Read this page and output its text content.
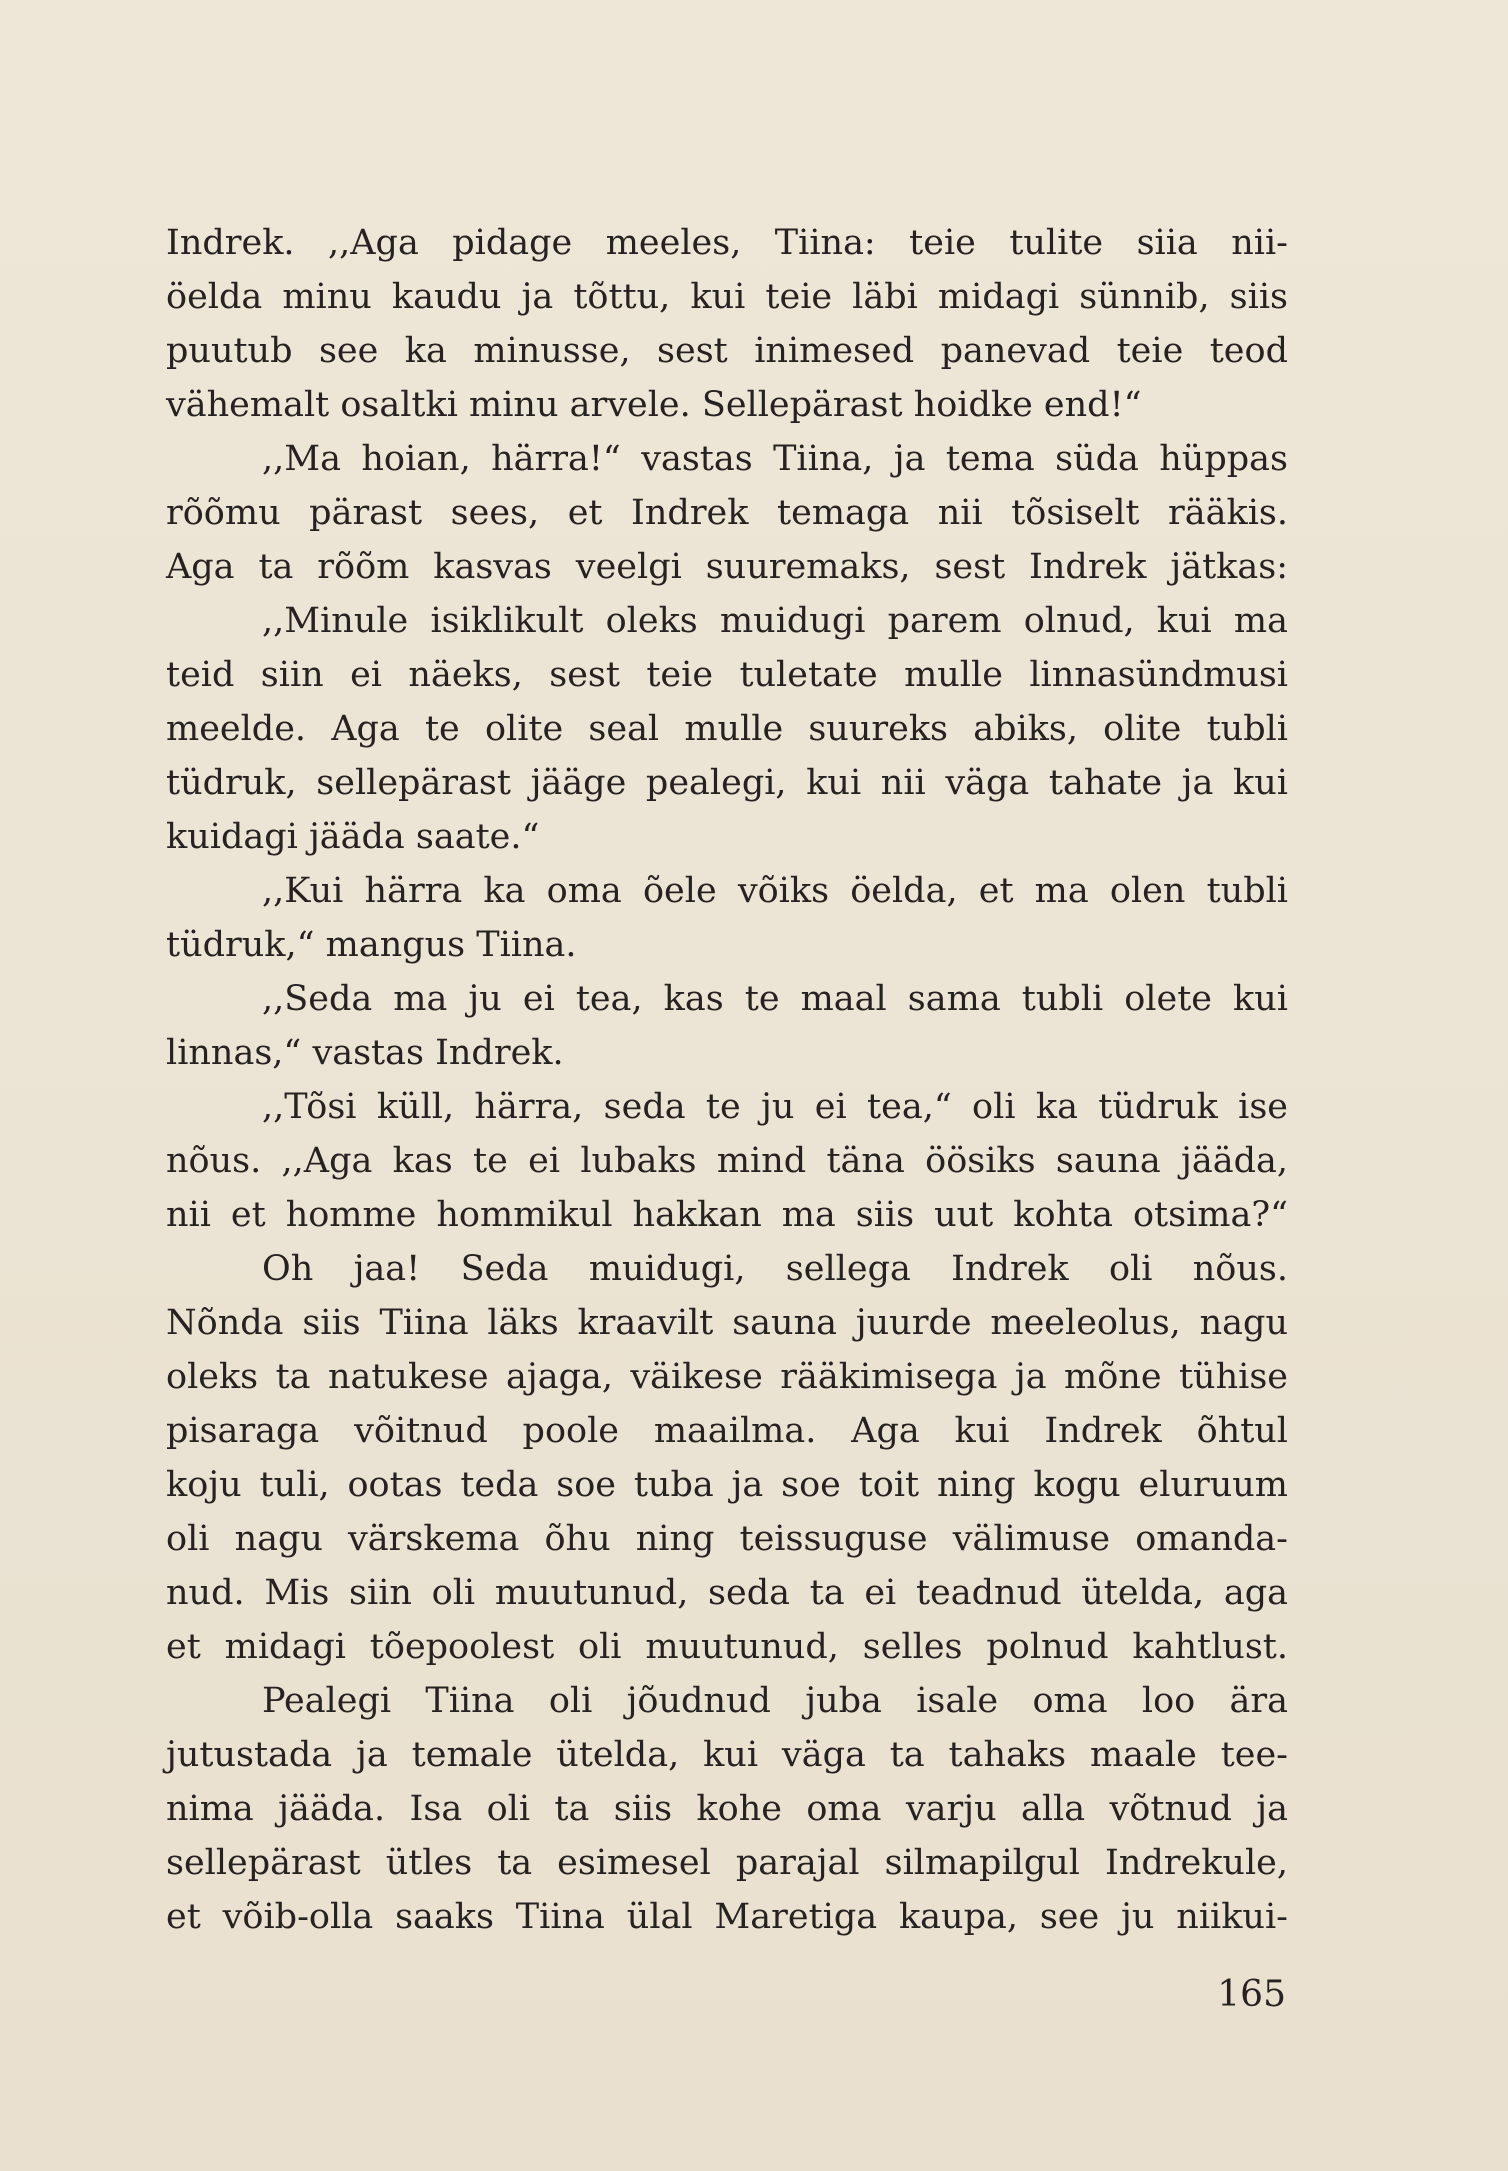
Indrek. ,,Aga pidage meeles, Tiina: teie tulite siia nii-
öelda minu kaudu ja tõttu, kui teie läbi midagi sünnib, siis
puutub see ka minusse, sest inimesed panevad teie teod
vähemalt osaltki minu arvele. Sellepärast hoidke end!“
,,Ma hoian, härra!“ vastas Tiina, ja tema süda hüppas
rõõmu pärast sees, et Indrek temaga nii tõsiselt rääkis.
Aga ta rõõm kasvas veelgi suuremaks, sest Indrek jätkas:
,,Minule isiklikult oleks muidugi parem olnud, kui ma
teid siin ei näeks, sest teie tuletate mulle linnasündmusi
meelde. Aga te olite seal mulle suureks abiks, olite tubli
tüdruk, sellepärast jääge pealegi, kui nii väga tahate ja kui
kuidagi jääda saate.“
,,Kui härra ka oma õele võiks öelda, et ma olen tubli
tüdruk,“ mangus Tiina.
,,Seda ma ju ei tea, kas te maal sama tubli olete kui
linnas,“ vastas Indrek.
,,Tõsi küll, härra, seda te ju ei tea,“ oli ka tüdruk ise
nõus. ,,Aga kas te ei lubaks mind täna öösiks sauna jääda,
nii et homme hommikul hakkan ma siis uut kohta otsima?“
Oh jaa! Seda muidugi, sellega Indrek oli nõus.
Nõnda siis Tiina läks kraavilt sauna juurde meeleolus, nagu
oleks ta natukese ajaga, väikese rääkimisega ja mõne tühise
pisaraga võitnud poole maailma. Aga kui Indrek õhtul
koju tuli, ootas teda soe tuba ja soe toit ning kogu eluruum
oli nagu värskema õhu ning teissuguse välimuse omanda-
nud. Mis siin oli muutunud, seda ta ei teadnud ütelda, aga
et midagi tõepoolest oli muutunud, selles polnud kahtlust.
Pealegi Tiina oli jõudnud juba isale oma loo ära
jutustada ja temale ütelda, kui väga ta tahaks maale tee-
nima jääda. Isa oli ta siis kohe oma varju alla võtnud ja
sellepärast ütles ta esimesel parajal silmapilgul Indrekule,
et võib-olla saaks Tiina ülal Maretiga kaupa, see ju niikui-
165
